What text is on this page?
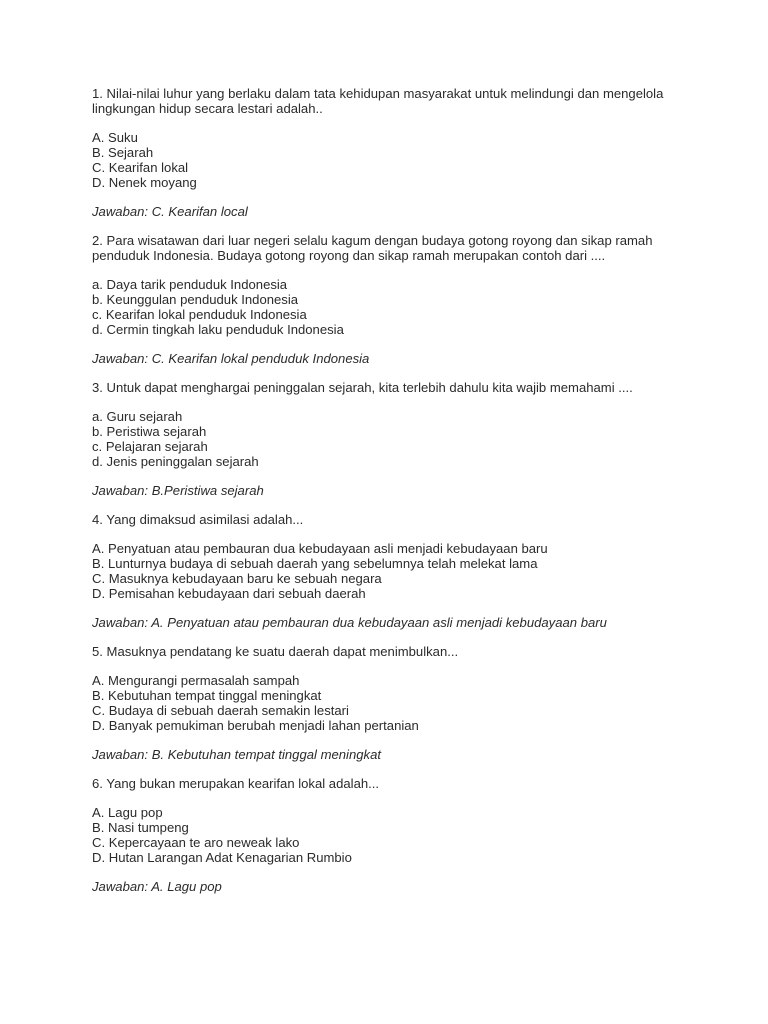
1. Nilai-nilai luhur yang berlaku dalam tata kehidupan masyarakat untuk melindungi dan mengelola lingkungan hidup secara lestari adalah..

A. Suku
B. Sejarah
C. Kearifan lokal
D. Nenek moyang

Jawaban: C. Kearifan local

2. Para wisatawan dari luar negeri selalu kagum dengan budaya gotong royong dan sikap ramah penduduk Indonesia. Budaya gotong royong dan sikap ramah merupakan contoh dari ....

a. Daya tarik penduduk Indonesia
b. Keunggulan penduduk Indonesia
c. Kearifan lokal penduduk Indonesia
d. Cermin tingkah laku penduduk Indonesia

Jawaban: C. Kearifan lokal penduduk Indonesia

3. Untuk dapat menghargai peninggalan sejarah, kita terlebih dahulu kita wajib memahami ....

a. Guru sejarah
b. Peristiwa sejarah
c. Pelajaran sejarah
d. Jenis peninggalan sejarah

Jawaban: B.Peristiwa sejarah

4. Yang dimaksud asimilasi adalah...

A. Penyatuan atau pembauran dua kebudayaan asli menjadi kebudayaan baru
B. Lunturnya budaya di sebuah daerah yang sebelumnya telah melekat lama
C. Masuknya kebudayaan baru ke sebuah negara
D. Pemisahan kebudayaan dari sebuah daerah

Jawaban: A. Penyatuan atau pembauran dua kebudayaan asli menjadi kebudayaan baru

5. Masuknya pendatang ke suatu daerah dapat menimbulkan...

A. Mengurangi permasalah sampah
B. Kebutuhan tempat tinggal meningkat
C. Budaya di sebuah daerah semakin lestari
D. Banyak pemukiman berubah menjadi lahan pertanian

Jawaban: B. Kebutuhan tempat tinggal meningkat

6. Yang bukan merupakan kearifan lokal adalah...

A. Lagu pop
B. Nasi tumpeng
C. Kepercayaan te aro neweak lako
D. Hutan Larangan Adat Kenagarian Rumbio

Jawaban: A. Lagu pop
